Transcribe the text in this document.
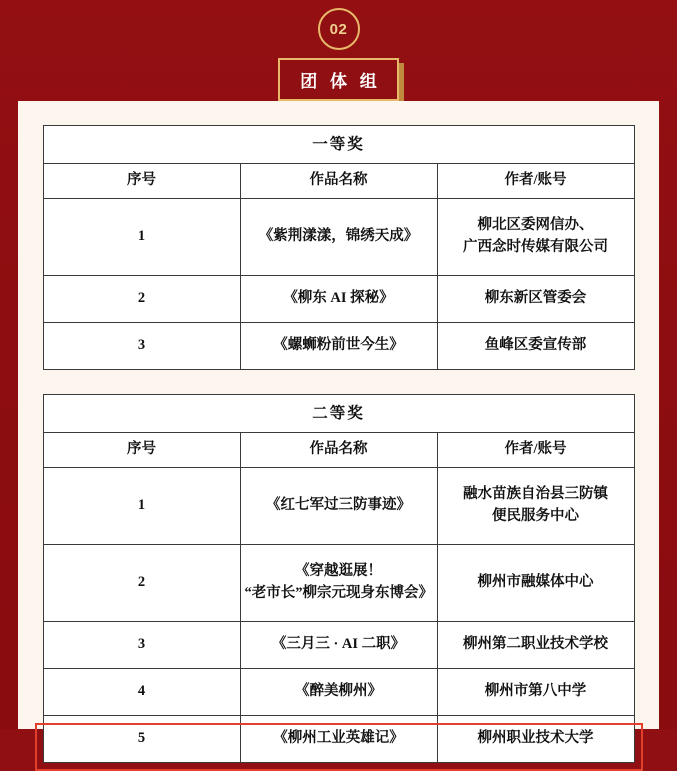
02
团 体 组
一等奖		
序号	作品名称	作者/账号
1	《紫荆漾漾，锦绣天成》	柳北区委网信办、
广西念时传媒有限公司

2	《柳东 AI 探秘》	柳东新区管委会
3	《螺蛳粉前世今生》	鱼峰区委宣传部
二等奖		
序号	作品名称	作者/账号
1	《红七军过三防事迹》	融水苗族自治县三防镇
便民服务中心

2	《穿越逛展！
“老市长”柳宗元现身东博会》	柳州市融媒体中心
3	《三月三 · AI 二职》	柳州第二职业技术学校
4	《醉美柳州》	柳州市第八中学
5	《柳州工业英雄记》	柳州职业技术大学
